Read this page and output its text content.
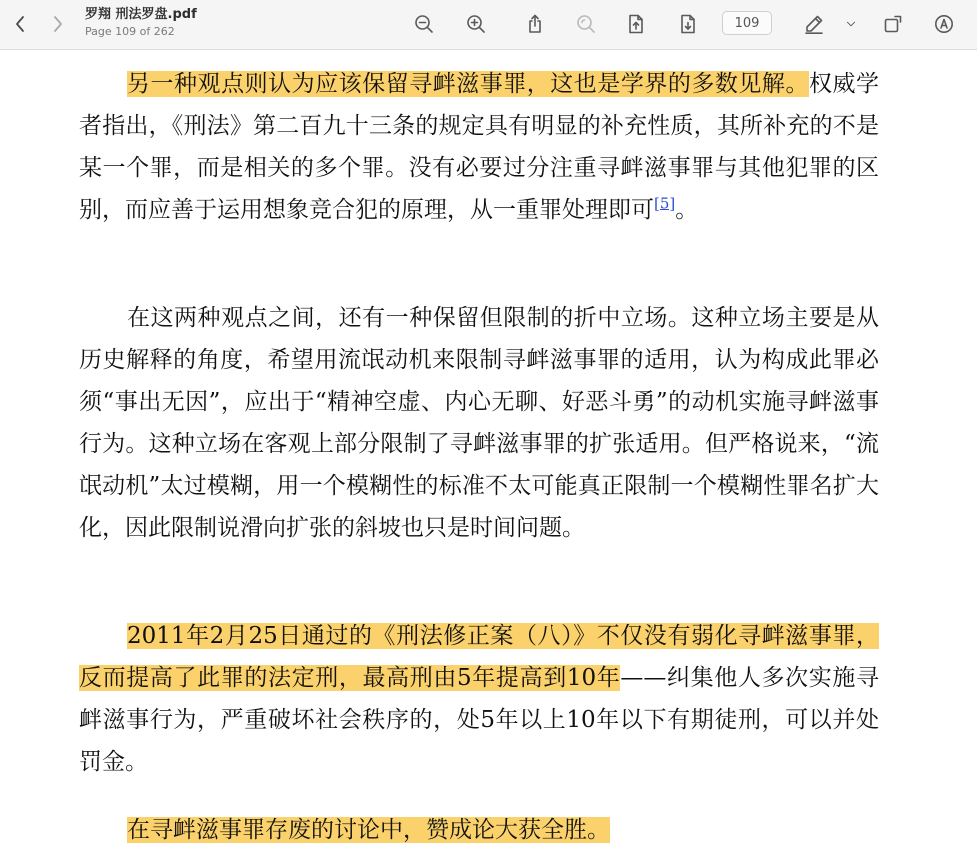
罗翔 刑法罗盘.pdf
Page 109 of 262
109

另一种观点则认为应该保留寻衅滋事罪，这也是学界的多数见解。权威学者指出，《刑法》第二百九十三条的规定具有明显的补充性质，其所补充的不是某一个罪，而是相关的多个罪。没有必要过分注重寻衅滋事罪与其他犯罪的区别，而应善于运用想象竞合犯的原理，从一重罪处理即可[5]。

在这两种观点之间，还有一种保留但限制的折中立场。这种立场主要是从历史解释的角度，希望用流氓动机来限制寻衅滋事罪的适用，认为构成此罪必须“事出无因”，应出于“精神空虚、内心无聊、好恶斗勇”的动机实施寻衅滋事行为。这种立场在客观上部分限制了寻衅滋事罪的扩张适用。但严格说来，“流氓动机”太过模糊，用一个模糊性的标准不太可能真正限制一个模糊性罪名扩大化，因此限制说滑向扩张的斜坡也只是时间问题。

2011年2月25日通过的《刑法修正案（八）》不仅没有弱化寻衅滋事罪，反而提高了此罪的法定刑，最高刑由5年提高到10年——纠集他人多次实施寻衅滋事行为，严重破坏社会秩序的，处5年以上10年以下有期徒刑，可以并处罚金。

在寻衅滋事罪存废的讨论中，赞成论大获全胜。
